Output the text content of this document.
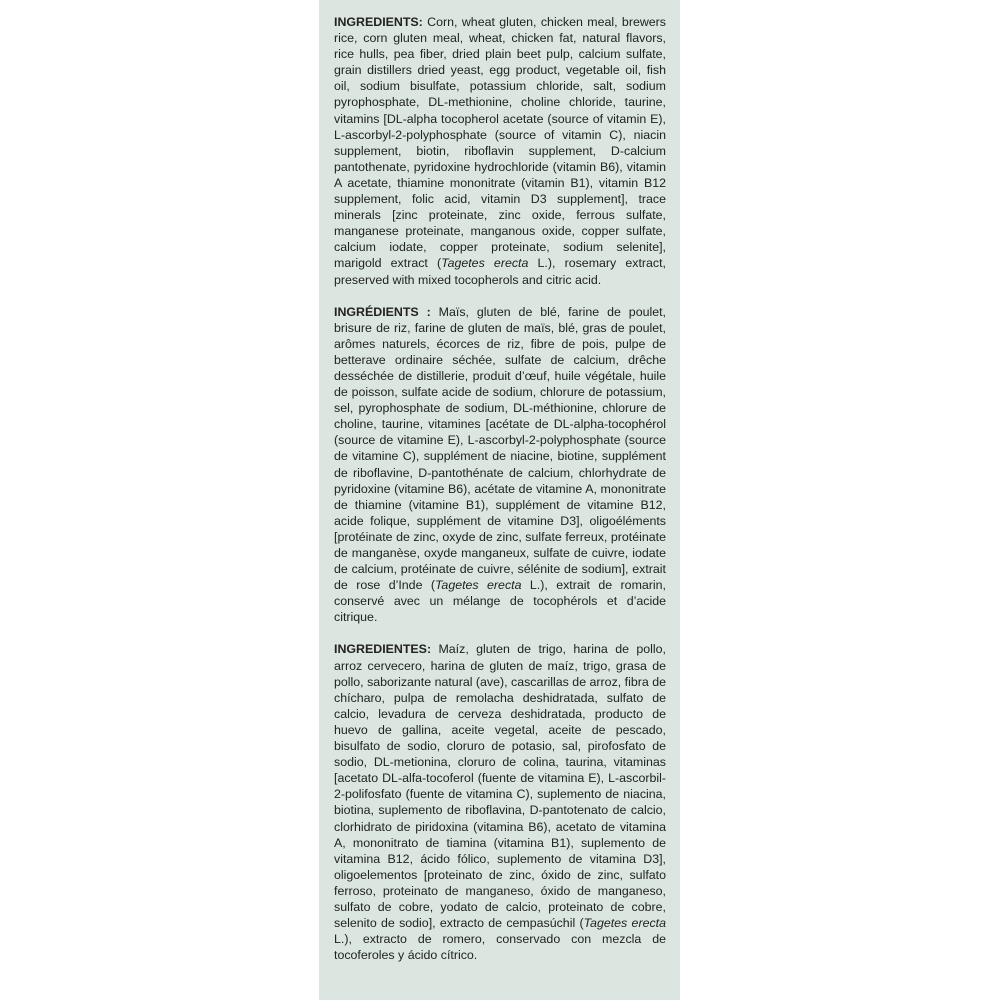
INGREDIENTS: Corn, wheat gluten, chicken meal, brewers rice, corn gluten meal, wheat, chicken fat, natural flavors, rice hulls, pea fiber, dried plain beet pulp, calcium sulfate, grain distillers dried yeast, egg product, vegetable oil, fish oil, sodium bisulfate, potassium chloride, salt, sodium pyrophosphate, DL-methionine, choline chloride, taurine, vitamins [DL-alpha tocopherol acetate (source of vitamin E), L-ascorbyl-2-polyphosphate (source of vitamin C), niacin supplement, biotin, riboflavin supplement, D-calcium pantothenate, pyridoxine hydrochloride (vitamin B6), vitamin A acetate, thiamine mononitrate (vitamin B1), vitamin B12 supplement, folic acid, vitamin D3 supplement], trace minerals [zinc proteinate, zinc oxide, ferrous sulfate, manganese proteinate, manganous oxide, copper sulfate, calcium iodate, copper proteinate, sodium selenite], marigold extract (Tagetes erecta L.), rosemary extract, preserved with mixed tocopherols and citric acid.

INGRÉDIENTS : Maïs, gluten de blé, farine de poulet, brisure de riz, farine de gluten de maïs, blé, gras de poulet, arômes naturels, écorces de riz, fibre de pois, pulpe de betterave ordinaire séchée, sulfate de calcium, drêche desséchée de distillerie, produit d’œuf, huile végétale, huile de poisson, sulfate acide de sodium, chlorure de potassium, sel, pyrophosphate de sodium, DL-méthionine, chlorure de choline, taurine, vitamines [acétate de DL-alpha-tocophérol (source de vitamine E), L-ascorbyl-2-polyphosphate (source de vitamine C), supplément de niacine, biotine, supplément de riboflavine, D-pantothénate de calcium, chlorhydrate de pyridoxine (vitamine B6), acétate de vitamine A, mononitrate de thiamine (vitamine B1), supplément de vitamine B12, acide folique, supplément de vitamine D3], oligoéléments [protéinate de zinc, oxyde de zinc, sulfate ferreux, protéinate de manganèse, oxyde manganeux, sulfate de cuivre, iodate de calcium, protéinate de cuivre, sélénite de sodium], extrait de rose d’Inde (Tagetes erecta L.), extrait de romarin, conservé avec un mélange de tocophérols et d’acide citrique.

INGREDIENTES: Maíz, gluten de trigo, harina de pollo, arroz cervecero, harina de gluten de maíz, trigo, grasa de pollo, saborizante natural (ave), cascarillas de arroz, fibra de chícharo, pulpa de remolacha deshidratada, sulfato de calcio, levadura de cerveza deshidratada, producto de huevo de gallina, aceite vegetal, aceite de pescado, bisulfato de sodio, cloruro de potasio, sal, pirofosfato de sodio, DL-metionina, cloruro de colina, taurina, vitaminas [acetato DL-alfa-tocoferol (fuente de vitamina E), L-ascorbil-2-polifosfato (fuente de vitamina C), suplemento de niacina, biotina, suplemento de riboflavina, D-pantotenato de calcio, clorhidrato de piridoxina (vitamina B6), acetato de vitamina A, mononitrato de tiamina (vitamina B1), suplemento de vitamina B12, ácido fólico, suplemento de vitamina D3], oligoelementos [proteinato de zinc, óxido de zinc, sulfato ferroso, proteinato de manganeso, óxido de manganeso, sulfato de cobre, yodato de calcio, proteinato de cobre, selenito de sodio], extracto de cempasúchil (Tagetes erecta L.), extracto de romero, conservado con mezcla de tocoferoles y ácido cítrico.
